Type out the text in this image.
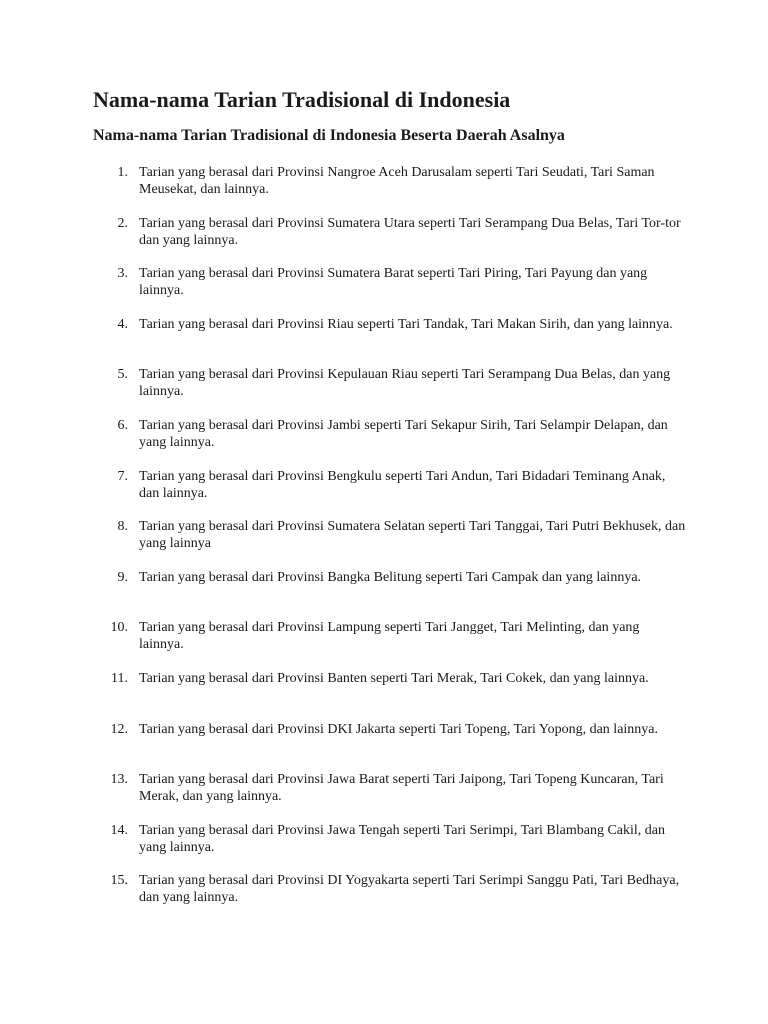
Nama-nama Tarian Tradisional di Indonesia
Nama-nama Tarian Tradisional di Indonesia Beserta Daerah Asalnya
1. Tarian yang berasal dari Provinsi Nangroe Aceh Darusalam seperti Tari Seudati, Tari Saman Meusekat, dan lainnya.
2. Tarian yang berasal dari Provinsi Sumatera Utara seperti Tari Serampang Dua Belas, Tari Tor-tor dan yang lainnya.
3. Tarian yang berasal dari Provinsi Sumatera Barat seperti Tari Piring, Tari Payung dan yang lainnya.
4. Tarian yang berasal dari Provinsi Riau seperti Tari Tandak, Tari Makan Sirih, dan yang lainnya.
5. Tarian yang berasal dari Provinsi Kepulauan Riau seperti Tari Serampang Dua Belas, dan yang lainnya.
6. Tarian yang berasal dari Provinsi Jambi seperti Tari Sekapur Sirih, Tari Selampir Delapan, dan yang lainnya.
7. Tarian yang berasal dari Provinsi Bengkulu seperti Tari Andun, Tari Bidadari Teminang Anak, dan lainnya.
8. Tarian yang berasal dari Provinsi Sumatera Selatan seperti Tari Tanggai, Tari Putri Bekhusek, dan yang lainnya
9. Tarian yang berasal dari Provinsi Bangka Belitung seperti Tari Campak dan yang lainnya.
10. Tarian yang berasal dari Provinsi Lampung seperti Tari Jangget, Tari Melinting, dan yang lainnya.
11. Tarian yang berasal dari Provinsi Banten seperti Tari Merak, Tari Cokek, dan yang lainnya.
12. Tarian yang berasal dari Provinsi DKI Jakarta seperti Tari Topeng, Tari Yopong, dan lainnya.
13. Tarian yang berasal dari Provinsi Jawa Barat seperti Tari Jaipong, Tari Topeng Kuncaran, Tari Merak, dan yang lainnya.
14. Tarian yang berasal dari Provinsi Jawa Tengah seperti Tari Serimpi, Tari Blambang Cakil, dan yang lainnya.
15. Tarian yang berasal dari Provinsi DI Yogyakarta seperti Tari Serimpi Sanggu Pati, Tari Bedhaya, dan yang lainnya.
